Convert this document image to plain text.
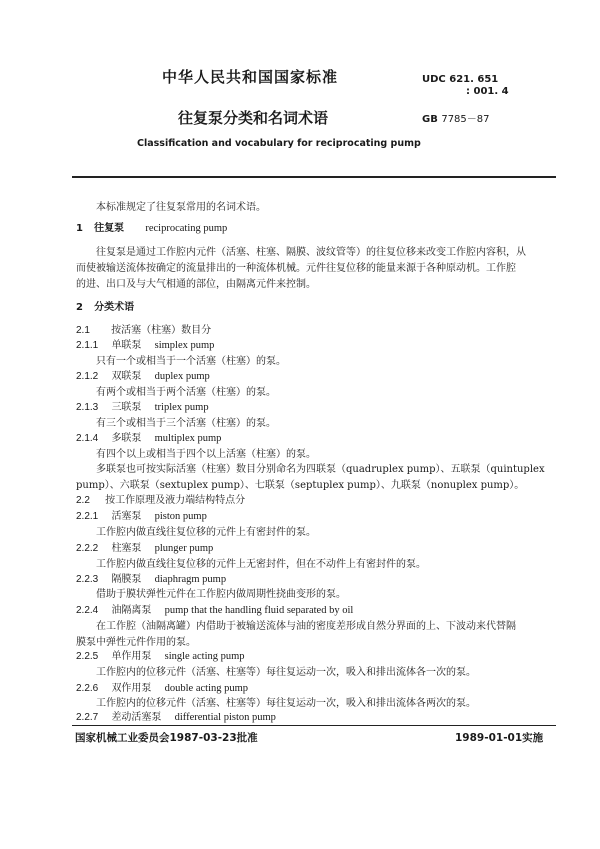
中华人民共和国国家标准	UDC 621. 651
: 001. 4
GB 7785－87
往复泵分类和名词术语
Classification and vocabulary for reciprocating pump
本标准规定了往复泵常用的名词术语。
1 往复泵 reciprocating pump
往复泵是通过工作腔内元件（活塞、柱塞、隔膜、波纹管等）的往复位移来改变工作腔内容积，从
而使被输送流体按确定的流量排出的一种流体机械。元件往复位移的能量来源于各种原动机。工作腔
的进、出口及与大气相通的部位，由隔离元件来控制。
2 分类术语
2.1 按活塞（柱塞）数目分
2.1.1 单联泵 simplex pump
只有一个或相当于一个活塞（柱塞）的泵。
2.1.2 双联泵 duplex pump
有两个或相当于两个活塞（柱塞）的泵。
2.1.3 三联泵 triplex pump
有三个或相当于三个活塞（柱塞）的泵。
2.1.4 多联泵 multiplex pump
有四个以上或相当于四个以上活塞（柱塞）的泵。
多联泵也可按实际活塞（柱塞）数目分别命名为四联泵（quadruplex pump）、五联泵（quintuplex
pump）、六联泵（sextuplex pump）、七联泵（septuplex pump）、九联泵（nonuplex pump）。
2.2 按工作原理及液力端结构特点分
2.2.1 活塞泵 piston pump
工作腔内做直线往复位移的元件上有密封件的泵。
2.2.2 柱塞泵 plunger pump
工作腔内做直线往复位移的元件上无密封件，但在不动件上有密封件的泵。
2.2.3 隔膜泵 diaphragm pump
借助于膜状弹性元件在工作腔内做周期性挠曲变形的泵。
2.2.4 油隔离泵 pump that the handling fluid separated by oil
在工作腔（油隔离罐）内借助于被输送流体与油的密度差形成自然分界面的上、下波动来代替隔
膜泵中弹性元件作用的泵。
2.2.5 单作用泵 single acting pump
工作腔内的位移元件（活塞、柱塞等）每往复运动一次，吸入和排出流体各一次的泵。
2.2.6 双作用泵 double acting pump
工作腔内的位移元件（活塞、柱塞等）每往复运动一次，吸入和排出流体各两次的泵。
2.2.7 差动活塞泵 differential piston pump
国家机械工业委员会1987-03-23批准	1989-01-01实施
